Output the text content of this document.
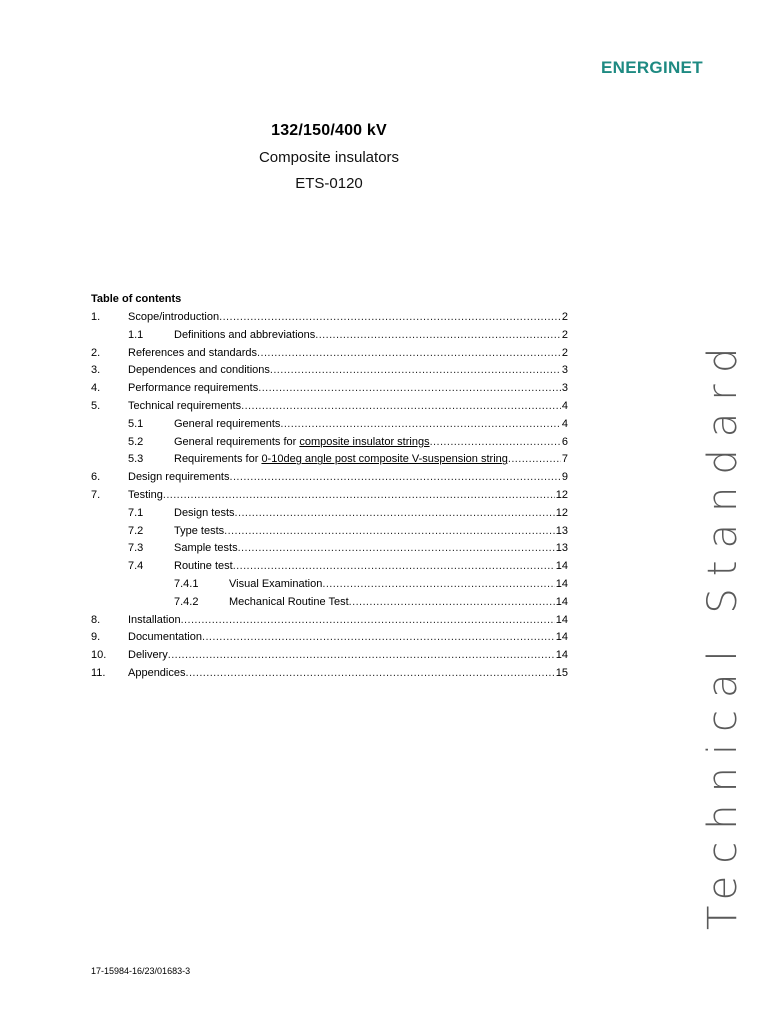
ENERGINET
132/150/400 kV
Composite insulators
ETS-0120
Table of contents
1.	Scope/introduction .....	2
1.1	Definitions and abbreviations .....	2
2.	References and standards .....	2
3.	Dependences and conditions .....	3
4.	Performance requirements .....	3
5.	Technical requirements .....	4
5.1	General requirements .....	4
5.2	General requirements for composite insulator strings .....	6
5.3	Requirements for 0-10deg angle post composite V-suspension string .....	7
6.	Design requirements .....	9
7.	Testing .....	12
7.1	Design tests .....	12
7.2	Type tests .....	13
7.3	Sample tests .....	13
7.4	Routine test .....	14
7.4.1	Visual Examination .....	14
7.4.2	Mechanical Routine Test .....	14
8.	Installation .....	14
9.	Documentation .....	14
10. Delivery .....	14
11. Appendices .....	15	Technical Standard
17-15984-16/23/01683-3
